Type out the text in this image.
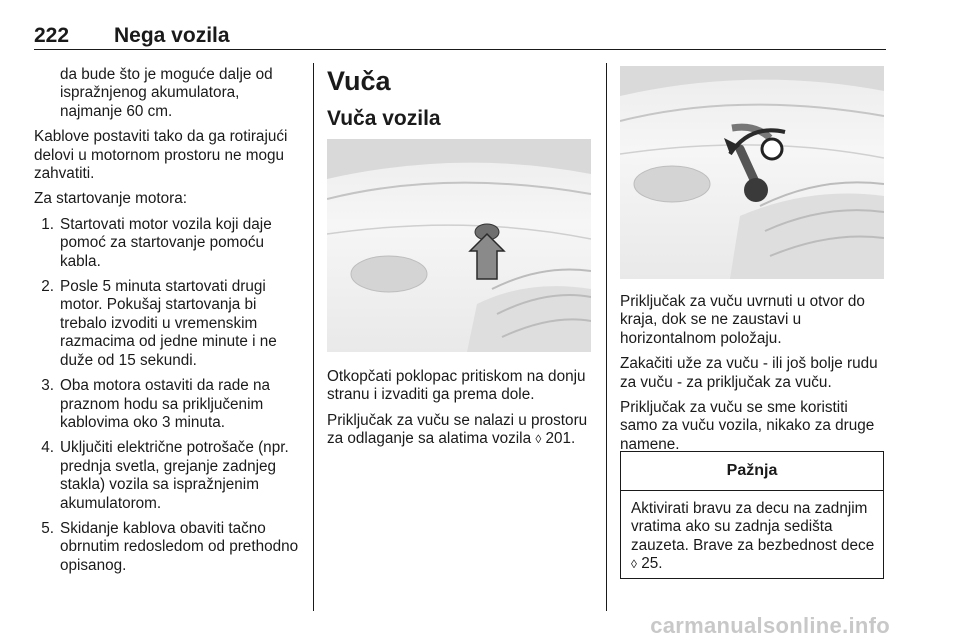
222 Nega vozila

da bude što je moguće dalje od ispražnjenog akumulatora, najmanje 60 cm.

Kablove postaviti tako da ga rotirajući delovi u motornom prostoru ne mogu zahvatiti.

Za startovanje motora:

1. Startovati motor vozila koji daje pomoć za startovanje pomoću kabla.
2. Posle 5 minuta startovati drugi motor. Pokušaj startovanja bi trebalo izvoditi u vremenskim razmacima od jedne minute i ne duže od 15 sekundi.
3. Oba motora ostaviti da rade na praznom hodu sa priključenim kablovima oko 3 minuta.
4. Uključiti električne potrošače (npr. prednja svetla, grejanje zadnjeg stakla) vozila sa ispražnjenim akumulatorom.
5. Skidanje kablova obaviti tačno obrnutim redosledom od prethodno opisanog.
Vuča
Vuča vozila

Otkopčati poklopac pritiskom na donju stranu i izvaditi ga prema dole.

Priključak za vuču se nalazi u prostoru za odlaganje sa alatima vozila ◊ 201.

Priključak za vuču uvrnuti u otvor do kraja, dok se ne zaustavi u horizontalnom položaju.

Zakačiti uže za vuču - ili još bolje rudu za vuču - za priključak za vuču.

Priključak za vuču se sme koristiti samo za vuču vozila, nikako za druge namene.

Pažnja
Aktivirati bravu za decu na zadnjim vratima ako su zadnja sedišta zauzeta. Brave za bezbednost dece ◊ 25.
carmanualsonline.info
